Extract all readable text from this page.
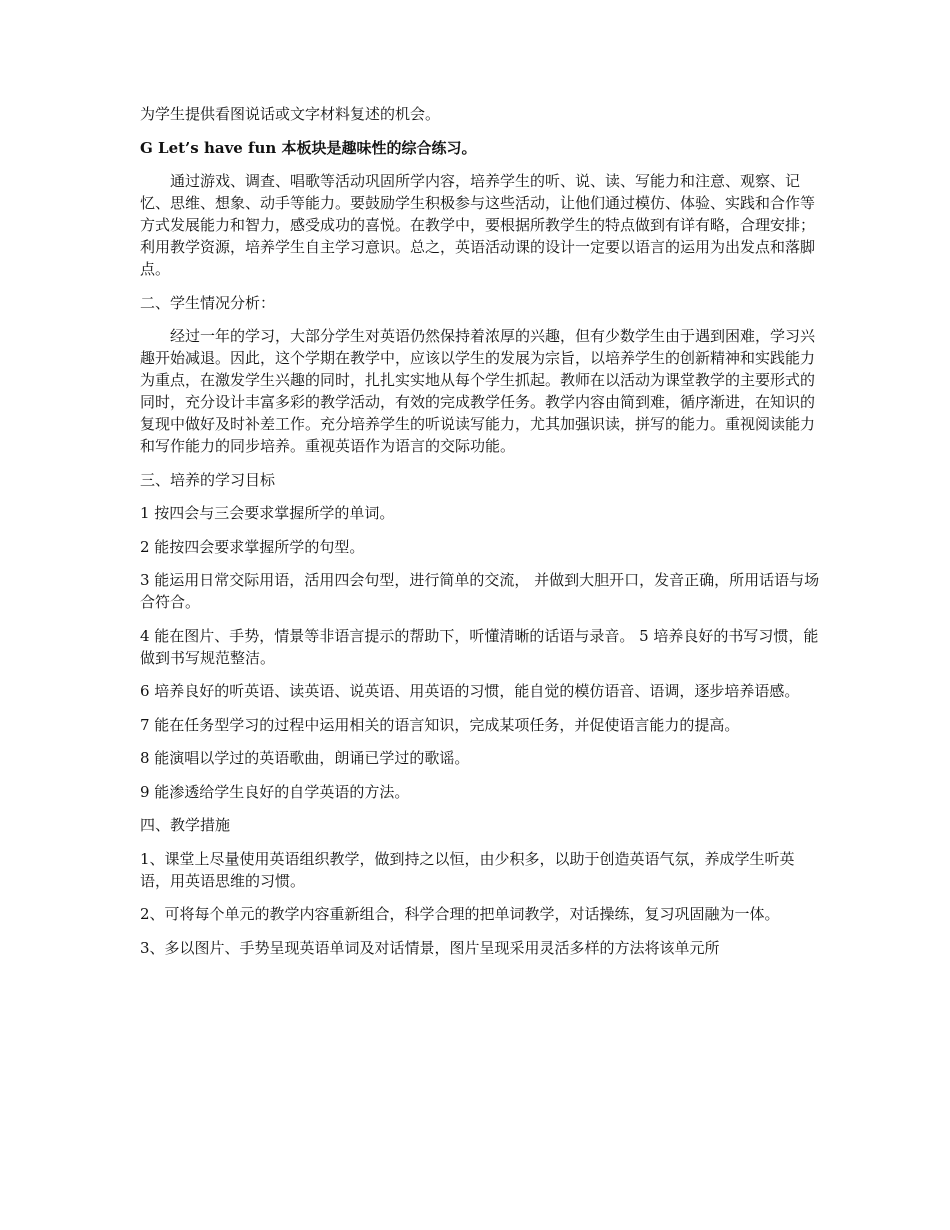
为学生提供看图说话或文字材料复述的机会。

G Let’s have fun 本板块是趣味性的综合练习。

通过游戏、调查、唱歌等活动巩固所学内容，培养学生的听、说、读、写能力和注意、观察、记忆、思维、想象、动手等能力。要鼓励学生积极参与这些活动，让他们通过模仿、体验、实践和合作等方式发展能力和智力，感受成功的喜悦。在教学中，要根据所教学生的特点做到有详有略，合理安排；利用教学资源，培养学生自主学习意识。总之，英语活动课的设计一定要以语言的运用为出发点和落脚点。

二、学生情况分析：

经过一年的学习，大部分学生对英语仍然保持着浓厚的兴趣，但有少数学生由于遇到困难，学习兴趣开始减退。因此，这个学期在教学中，应该以学生的发展为宗旨，以培养学生的创新精神和实践能力为重点，在激发学生兴趣的同时，扎扎实实地从每个学生抓起。教师在以活动为课堂教学的主要形式的同时，充分设计丰富多彩的教学活动，有效的完成教学任务。教学内容由简到难，循序渐进，在知识的复现中做好及时补差工作。充分培养学生的听说读写能力，尤其加强识读，拼写的能力。重视阅读能力和写作能力的同步培养。重视英语作为语言的交际功能。

三、培养的学习目标

1 按四会与三会要求掌握所学的单词。

2 能按四会要求掌握所学的句型。

3 能运用日常交际用语，活用四会句型，进行简单的交流， 并做到大胆开口，发音正确，所用话语与场合符合。

4 能在图片、手势，情景等非语言提示的帮助下，听懂清晰的话语与录音。 5 培养良好的书写习惯，能做到书写规范整洁。

6 培养良好的听英语、读英语、说英语、用英语的习惯，能自觉的模仿语音、语调，逐步培养语感。

7 能在任务型学习的过程中运用相关的语言知识，完成某项任务，并促使语言能力的提高。

8 能演唱以学过的英语歌曲，朗诵已学过的歌谣。

9 能渗透给学生良好的自学英语的方法。

四、教学措施

1、课堂上尽量使用英语组织教学，做到持之以恒，由少积多，以助于创造英语气氛，养成学生听英语，用英语思维的习惯。

2、可将每个单元的教学内容重新组合，科学合理的把单词教学，对话操练，复习巩固融为一体。

3、多以图片、手势呈现英语单词及对话情景，图片呈现采用灵活多样的方法将该单元所
